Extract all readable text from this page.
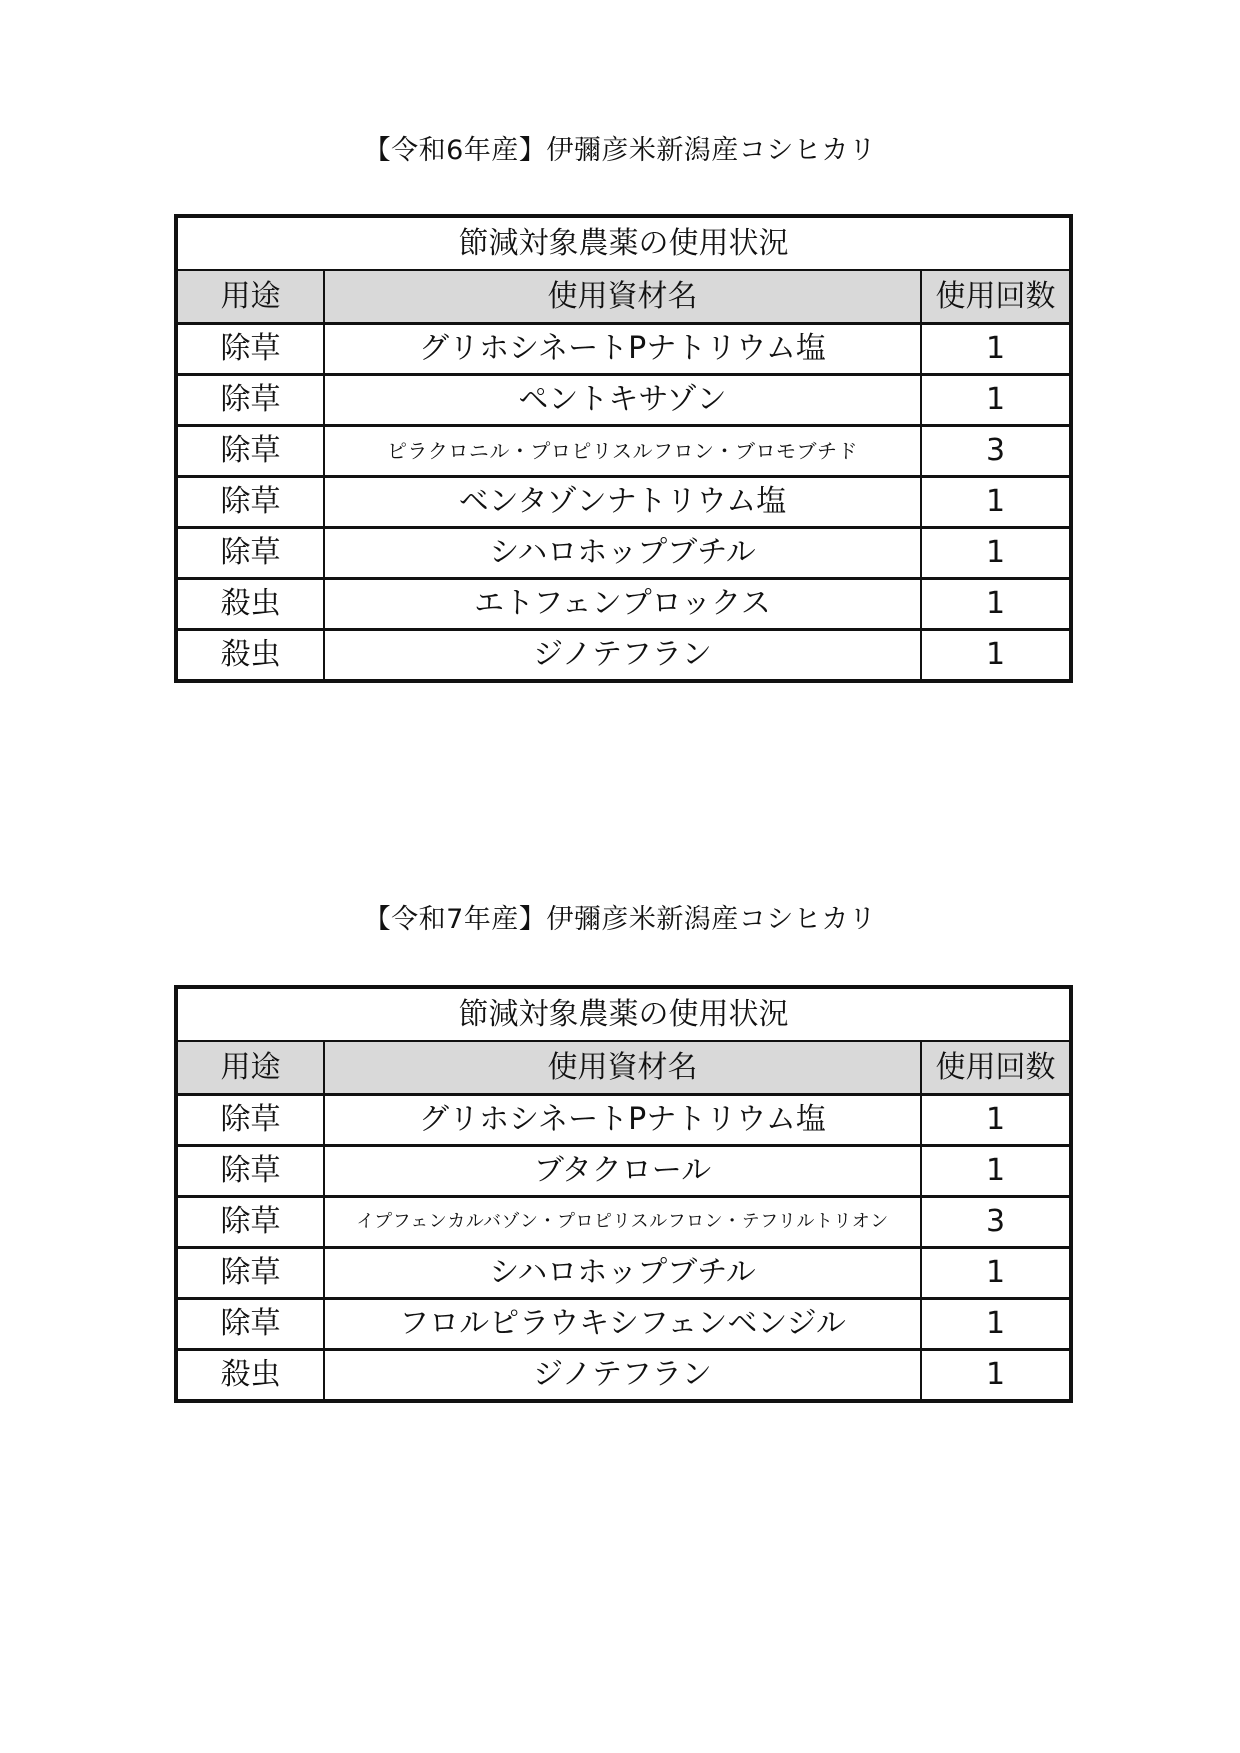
【令和6年産】伊彌彦米新潟産コシヒカリ
節減対象農薬の使用状況		
用途	使用資材名	使用回数
除草	グリホシネートPナトリウム塩	1
除草	ペントキサゾン	1
除草	ピラクロニル・プロピリスルフロン・ブロモブチド	3
除草	ベンタゾンナトリウム塩	1
除草	シハロホップブチル	1
殺虫	エトフェンプロックス	1
殺虫	ジノテフラン	1
【令和7年産】伊彌彦米新潟産コシヒカリ
節減対象農薬の使用状況		
用途	使用資材名	使用回数
除草	グリホシネートPナトリウム塩	1
除草	ブタクロール	1
除草	イプフェンカルバゾン・プロピリスルフロン・テフリルトリオン	3
除草	シハロホップブチル	1
除草	フロルピラウキシフェンベンジル	1
殺虫	ジノテフラン	1
